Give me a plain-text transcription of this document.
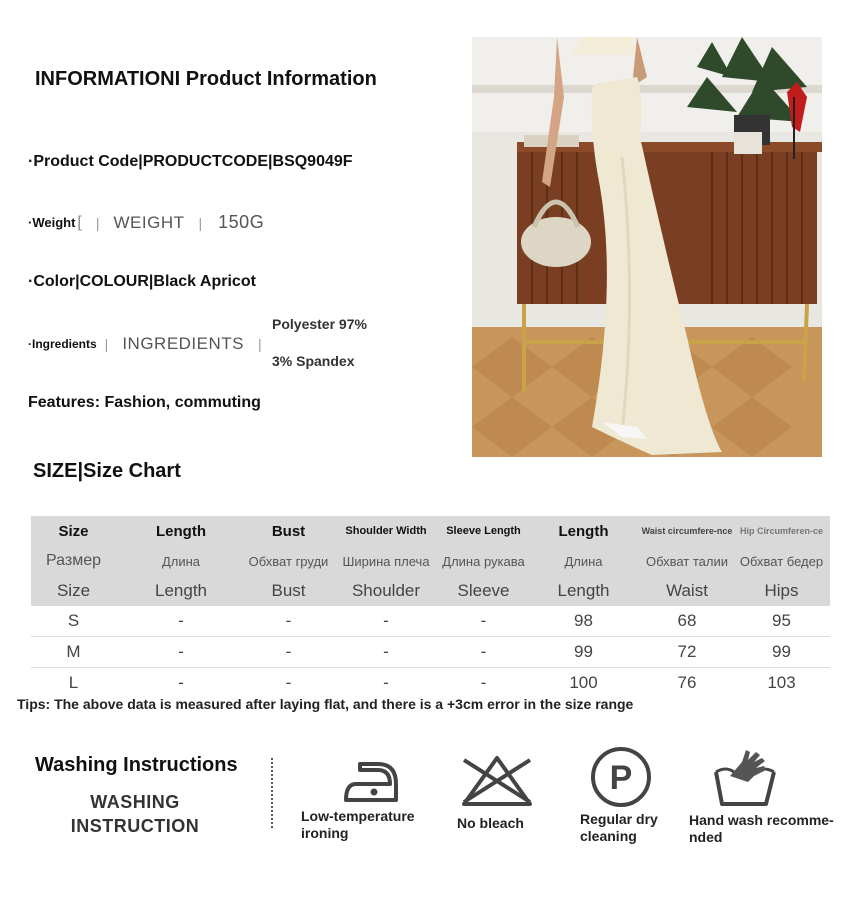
INFORMATIONI Product Information
·Product Code|PRODUCTCODE|BSQ9049F
·Weight [ | WEIGHT | 150G
·Color|COLOUR|Black Apricot
·Ingredients | INGREDIENTS |
Polyester 97%
3% Spandex
Features: Fashion, commuting
SIZE|Size Chart
Size	Length	Bust	Shoulder Width	Sleeve Length	Length	Waist circumfere-nce	Hip Circumferen-ce
Размер	Длина	Обхват груди	Ширина плеча	Длина рукава	Длина	Обхват талии	Обхват бедер
Size	Length	Bust	Shoulder	Sleeve	Length	Waist	Hips
S	-	-	-	-	98	68	95
M	-	-	-	-	99	72	99
L	-	-	-	-	100	76	103
Tips: The above data is measured after laying flat, and there is a +3cm error in the size range
Washing Instructions
WASHING
INSTRUCTION	Low-temperature
ironing
No bleach
P
Regular dry
cleaning
Hand wash recomme-
nded
